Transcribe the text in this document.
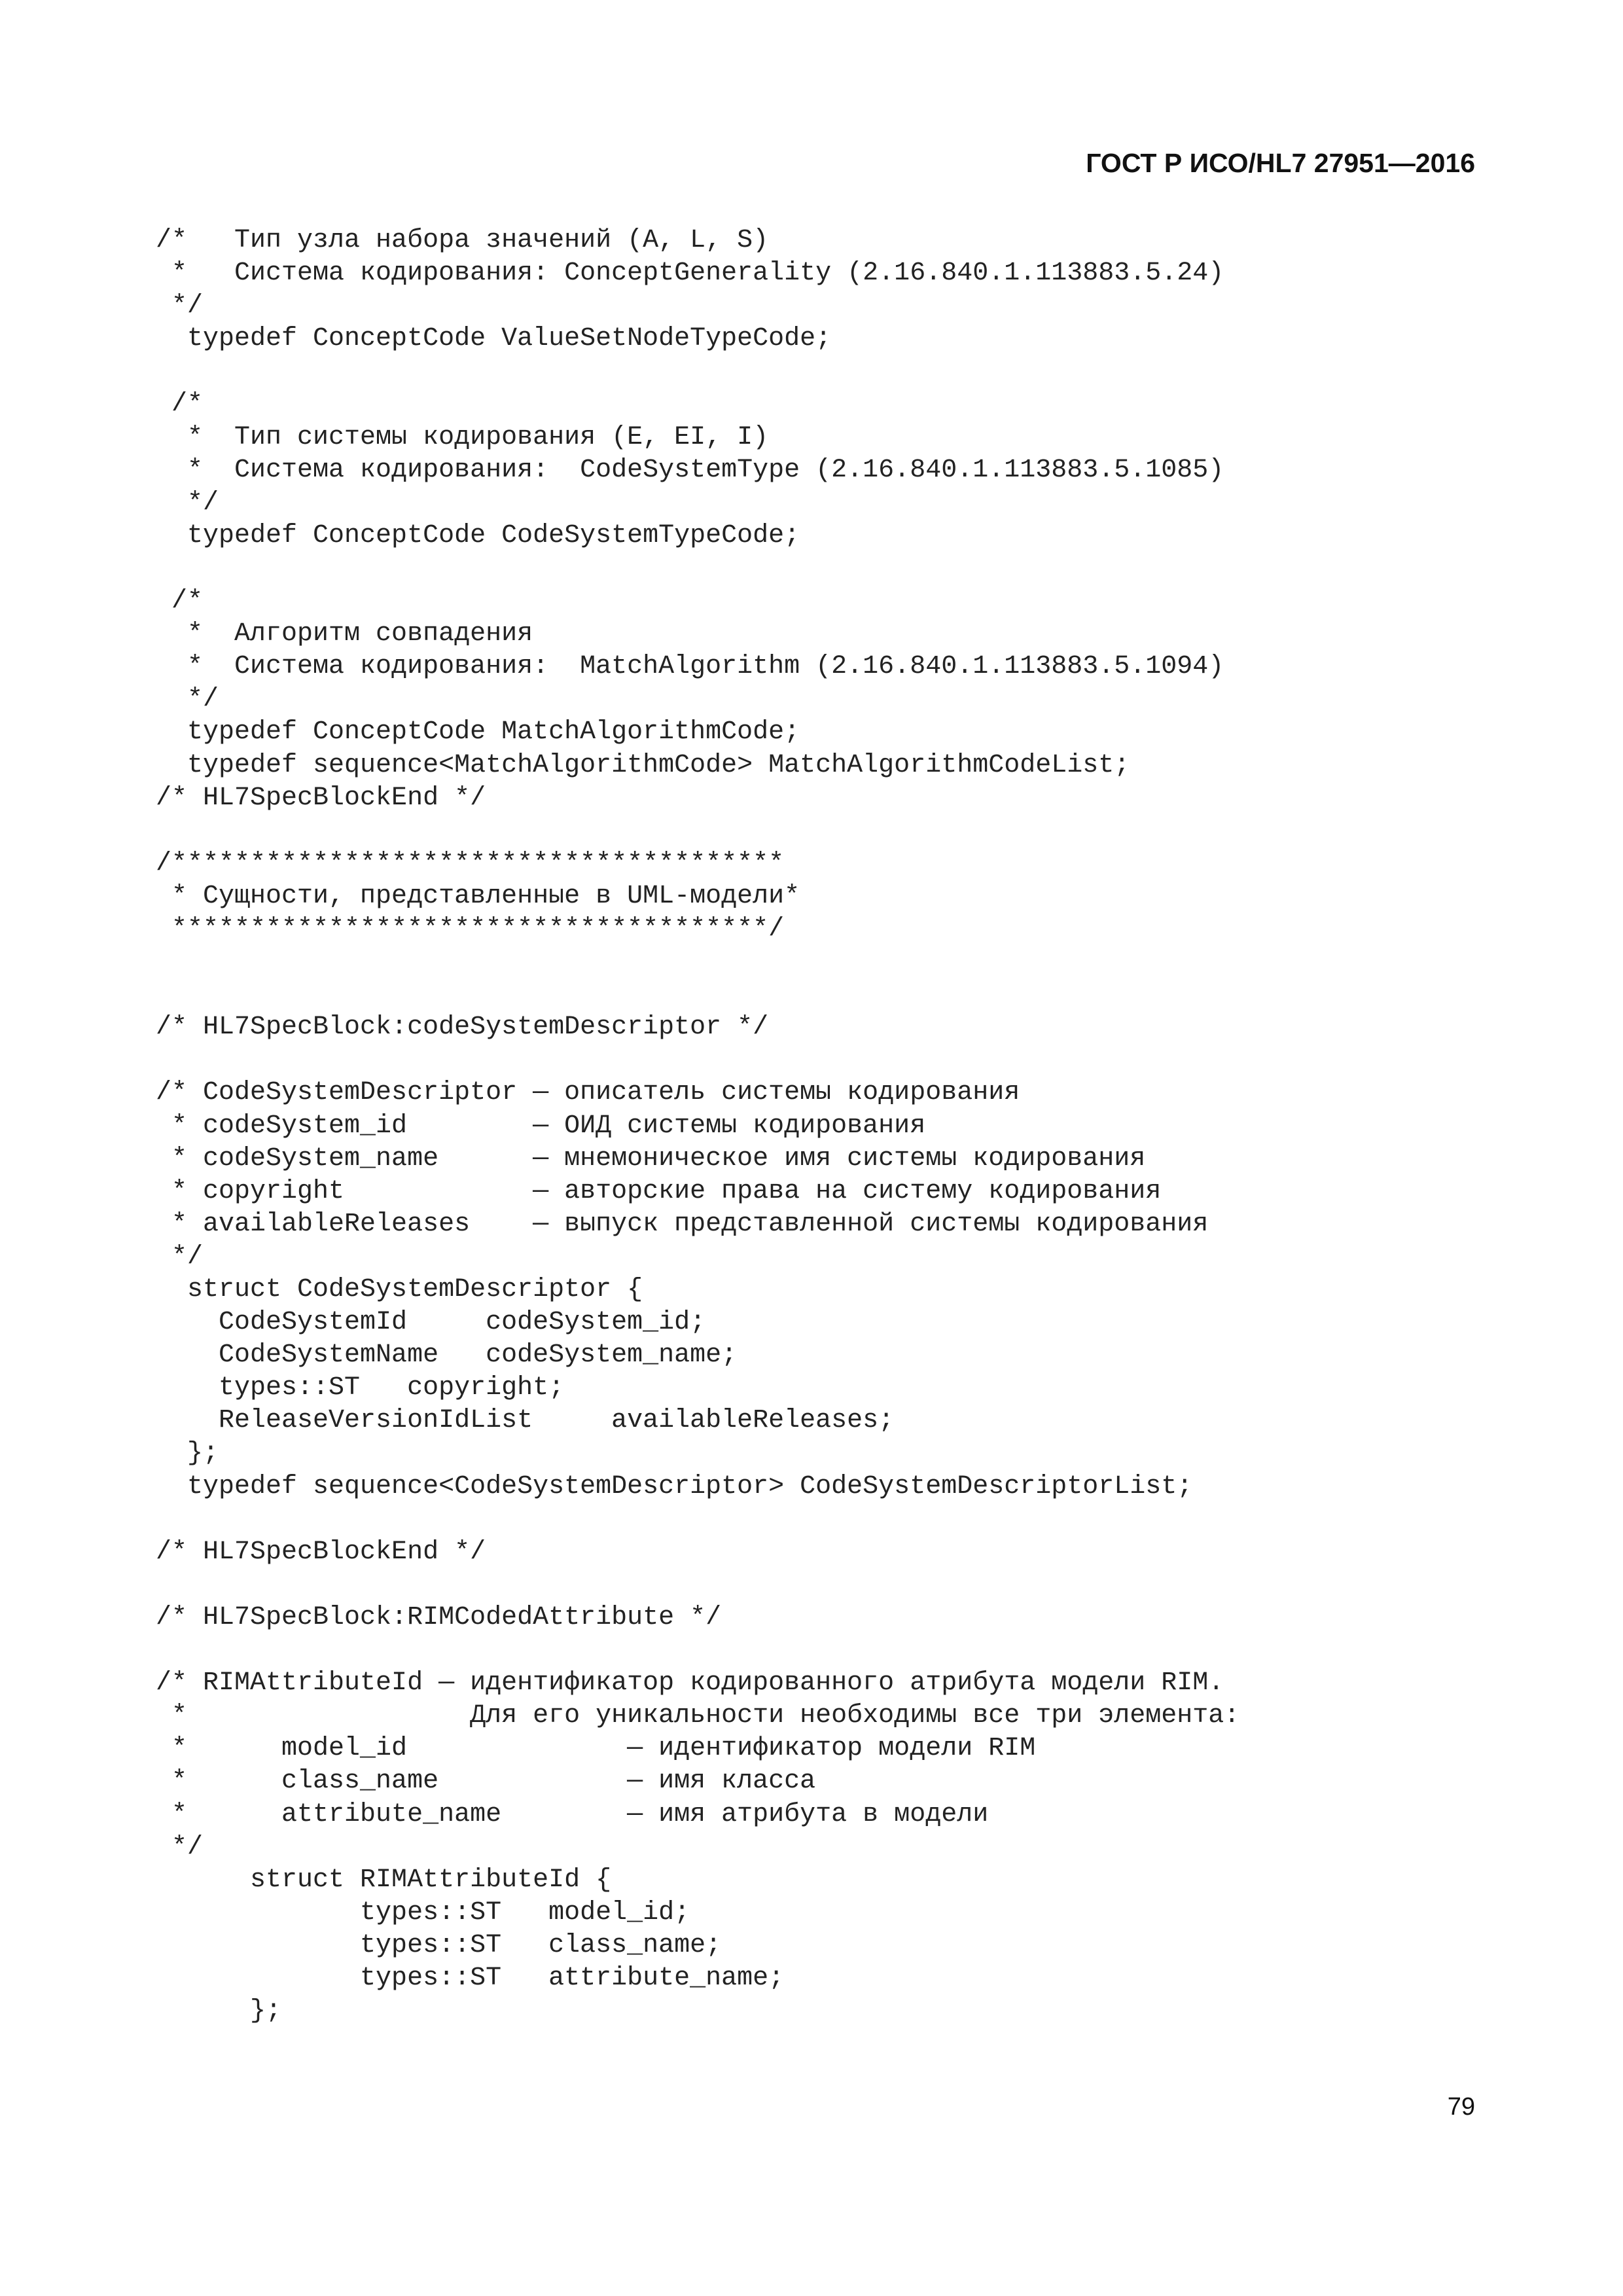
ГОСТ Р ИСО/HL7 27951—2016
/*   Тип узла набора значений (A, L, S)
*   Система кодирования: ConceptGenerality (2.16.840.1.113883.5.24)
*/
typedef ConceptCode ValueSetNodeTypeCode;
/*
*  Тип системы кодирования (E, EI, I)
*  Система кодирования:  CodeSystemType (2.16.840.1.113883.5.1085)
*/
typedef ConceptCode CodeSystemTypeCode;
/*
*  Алгоритм совпадения
*  Система кодирования:  MatchAlgorithm (2.16.840.1.113883.5.1094)
*/
typedef ConceptCode MatchAlgorithmCode;
typedef sequence<MatchAlgorithmCode> MatchAlgorithmCodeList;
/* HL7SpecBlockEnd */
/***************************************
* Сущности, представленные в UML-модели*
**************************************/
/* HL7SpecBlock:codeSystemDescriptor */
/* CodeSystemDescriptor — описатель системы кодирования
* codeSystem_id        — ОИД системы кодирования
* codeSystem_name      — мнемоническое имя системы кодирования
* copyright            — авторские права на систему кодирования
* availableReleases    — выпуск представленной системы кодирования
*/
struct CodeSystemDescriptor {
CodeSystemId     codeSystem_id;
CodeSystemName   codeSystem_name;
types::ST   copyright;
ReleaseVersionIdList     availableReleases;
};
typedef sequence<CodeSystemDescriptor> CodeSystemDescriptorList;
/* HL7SpecBlockEnd */
/* HL7SpecBlock:RIMCodedAttribute */
/* RIMAttributeId — идентификатор кодированного атрибута модели RIM.
*                  Для его уникальности необходимы все три элемента:
*      model_id              — идентификатор модели RIM
*      class_name            — имя класса
*      attribute_name        — имя атрибута в модели
*/
struct RIMAttributeId {
types::ST   model_id;
types::ST   class_name;
types::ST   attribute_name;
};
79
